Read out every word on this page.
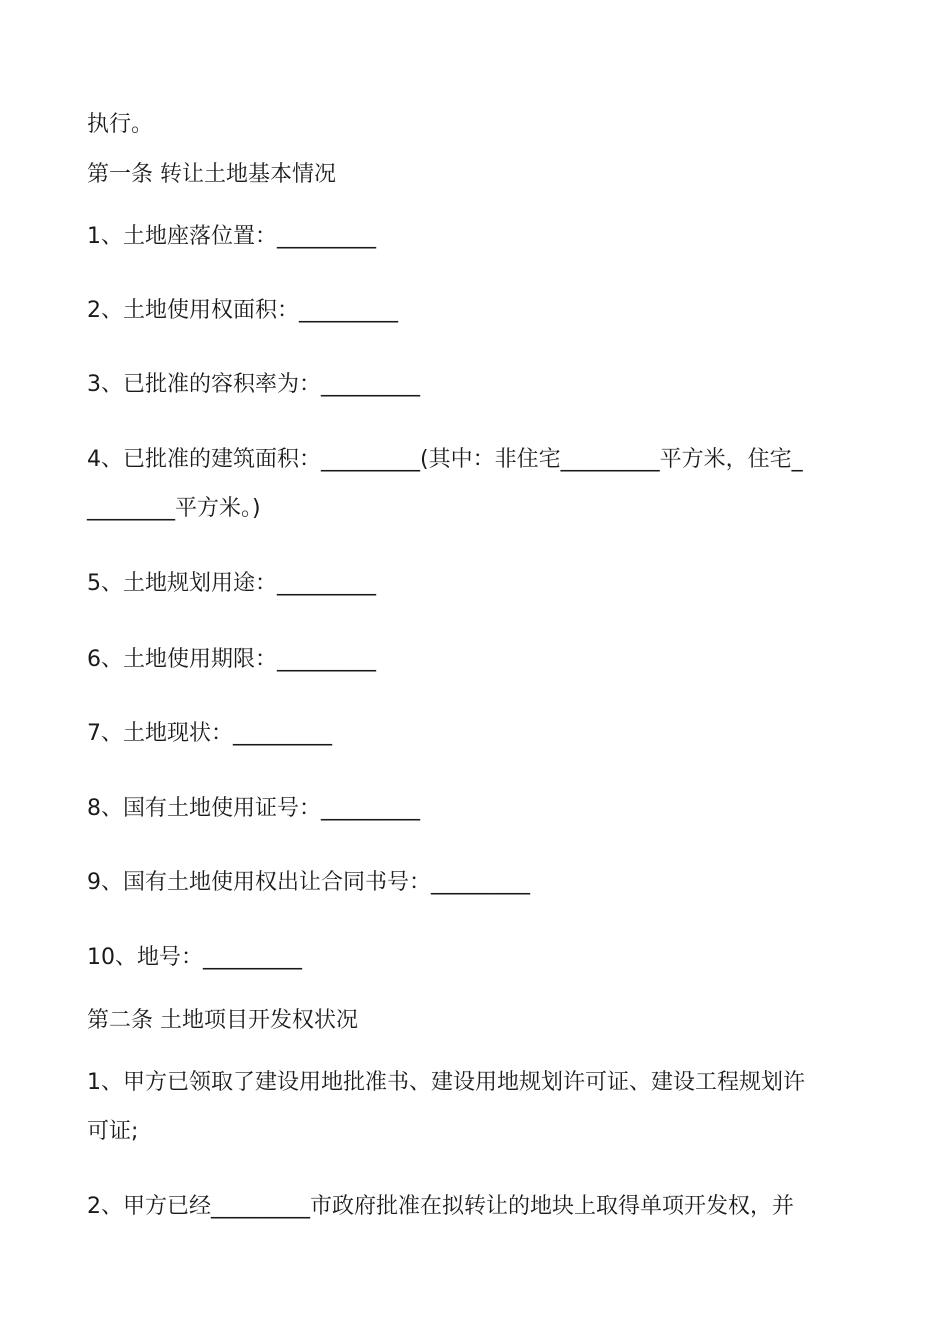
执行。
第一条 转让土地基本情况
1、土地座落位置：_________
2、土地使用权面积：_________
3、已批准的容积率为：_________
4、已批准的建筑面积：_________(其中：非住宅_________平方米，住宅_
________平方米。)
5、土地规划用途：_________
6、土地使用期限：_________
7、土地现状：_________
8、国有土地使用证号：_________
9、国有土地使用权出让合同书号：_________
10、地号：_________
第二条 土地项目开发权状况
1、甲方已领取了建设用地批准书、建设用地规划许可证、建设工程规划许
可证;
2、甲方已经_________市政府批准在拟转让的地块上取得单项开发权，并
